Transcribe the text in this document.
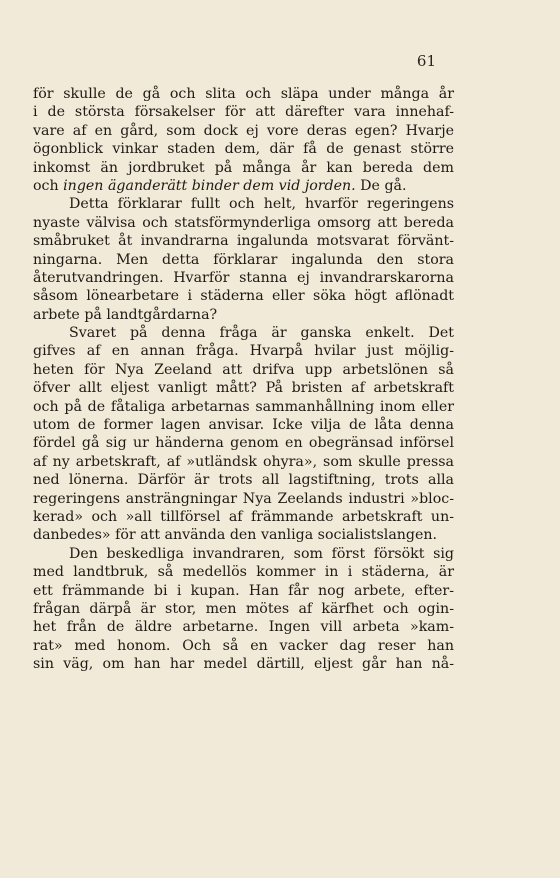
61
för skulle de gå och slita och släpa under många år
i de största försakelser för att därefter vara innehaf-
vare af en gård, som dock ej vore deras egen? Hvarje
ögonblick vinkar staden dem, där få de genast större
inkomst än jordbruket på många år kan bereda dem
och ingen äganderätt binder dem vid jorden. De gå.
Detta förklarar fullt och helt, hvarför regeringens
nyaste välvisa och statsförmynderliga omsorg att bereda
småbruket åt invandrarna ingalunda motsvarat förvänt-
ningarna. Men detta förklarar ingalunda den stora
återutvandringen. Hvarför stanna ej invandrarskarorna
såsom lönearbetare i städerna eller söka högt aflönadt
arbete på landtgårdarna?
Svaret på denna fråga är ganska enkelt. Det
gifves af en annan fråga. Hvarpå hvilar just möjlig-
heten för Nya Zeeland att drifva upp arbetslönen så
öfver allt eljest vanligt mått? På bristen af arbetskraft
och på de fåtaliga arbetarnas sammanhållning inom eller
utom de former lagen anvisar. Icke vilja de låta denna
fördel gå sig ur händerna genom en obegränsad införsel
af ny arbetskraft, af »utländsk ohyra», som skulle pressa
ned lönerna. Därför är trots all lagstiftning, trots alla
regeringens ansträngningar Nya Zeelands industri »bloc-
kerad» och »all tillförsel af främmande arbetskraft un-
danbedes» för att använda den vanliga socialistslangen.
Den beskedliga invandraren, som först försökt sig
med landtbruk, så medellös kommer in i städerna, är
ett främmande bi i kupan. Han får nog arbete, efter-
frågan därpå är stor, men mötes af kärfhet och ogin-
het från de äldre arbetarne. Ingen vill arbeta »kam-
rat» med honom. Och så en vacker dag reser han
sin väg, om han har medel därtill, eljest går han nå-
